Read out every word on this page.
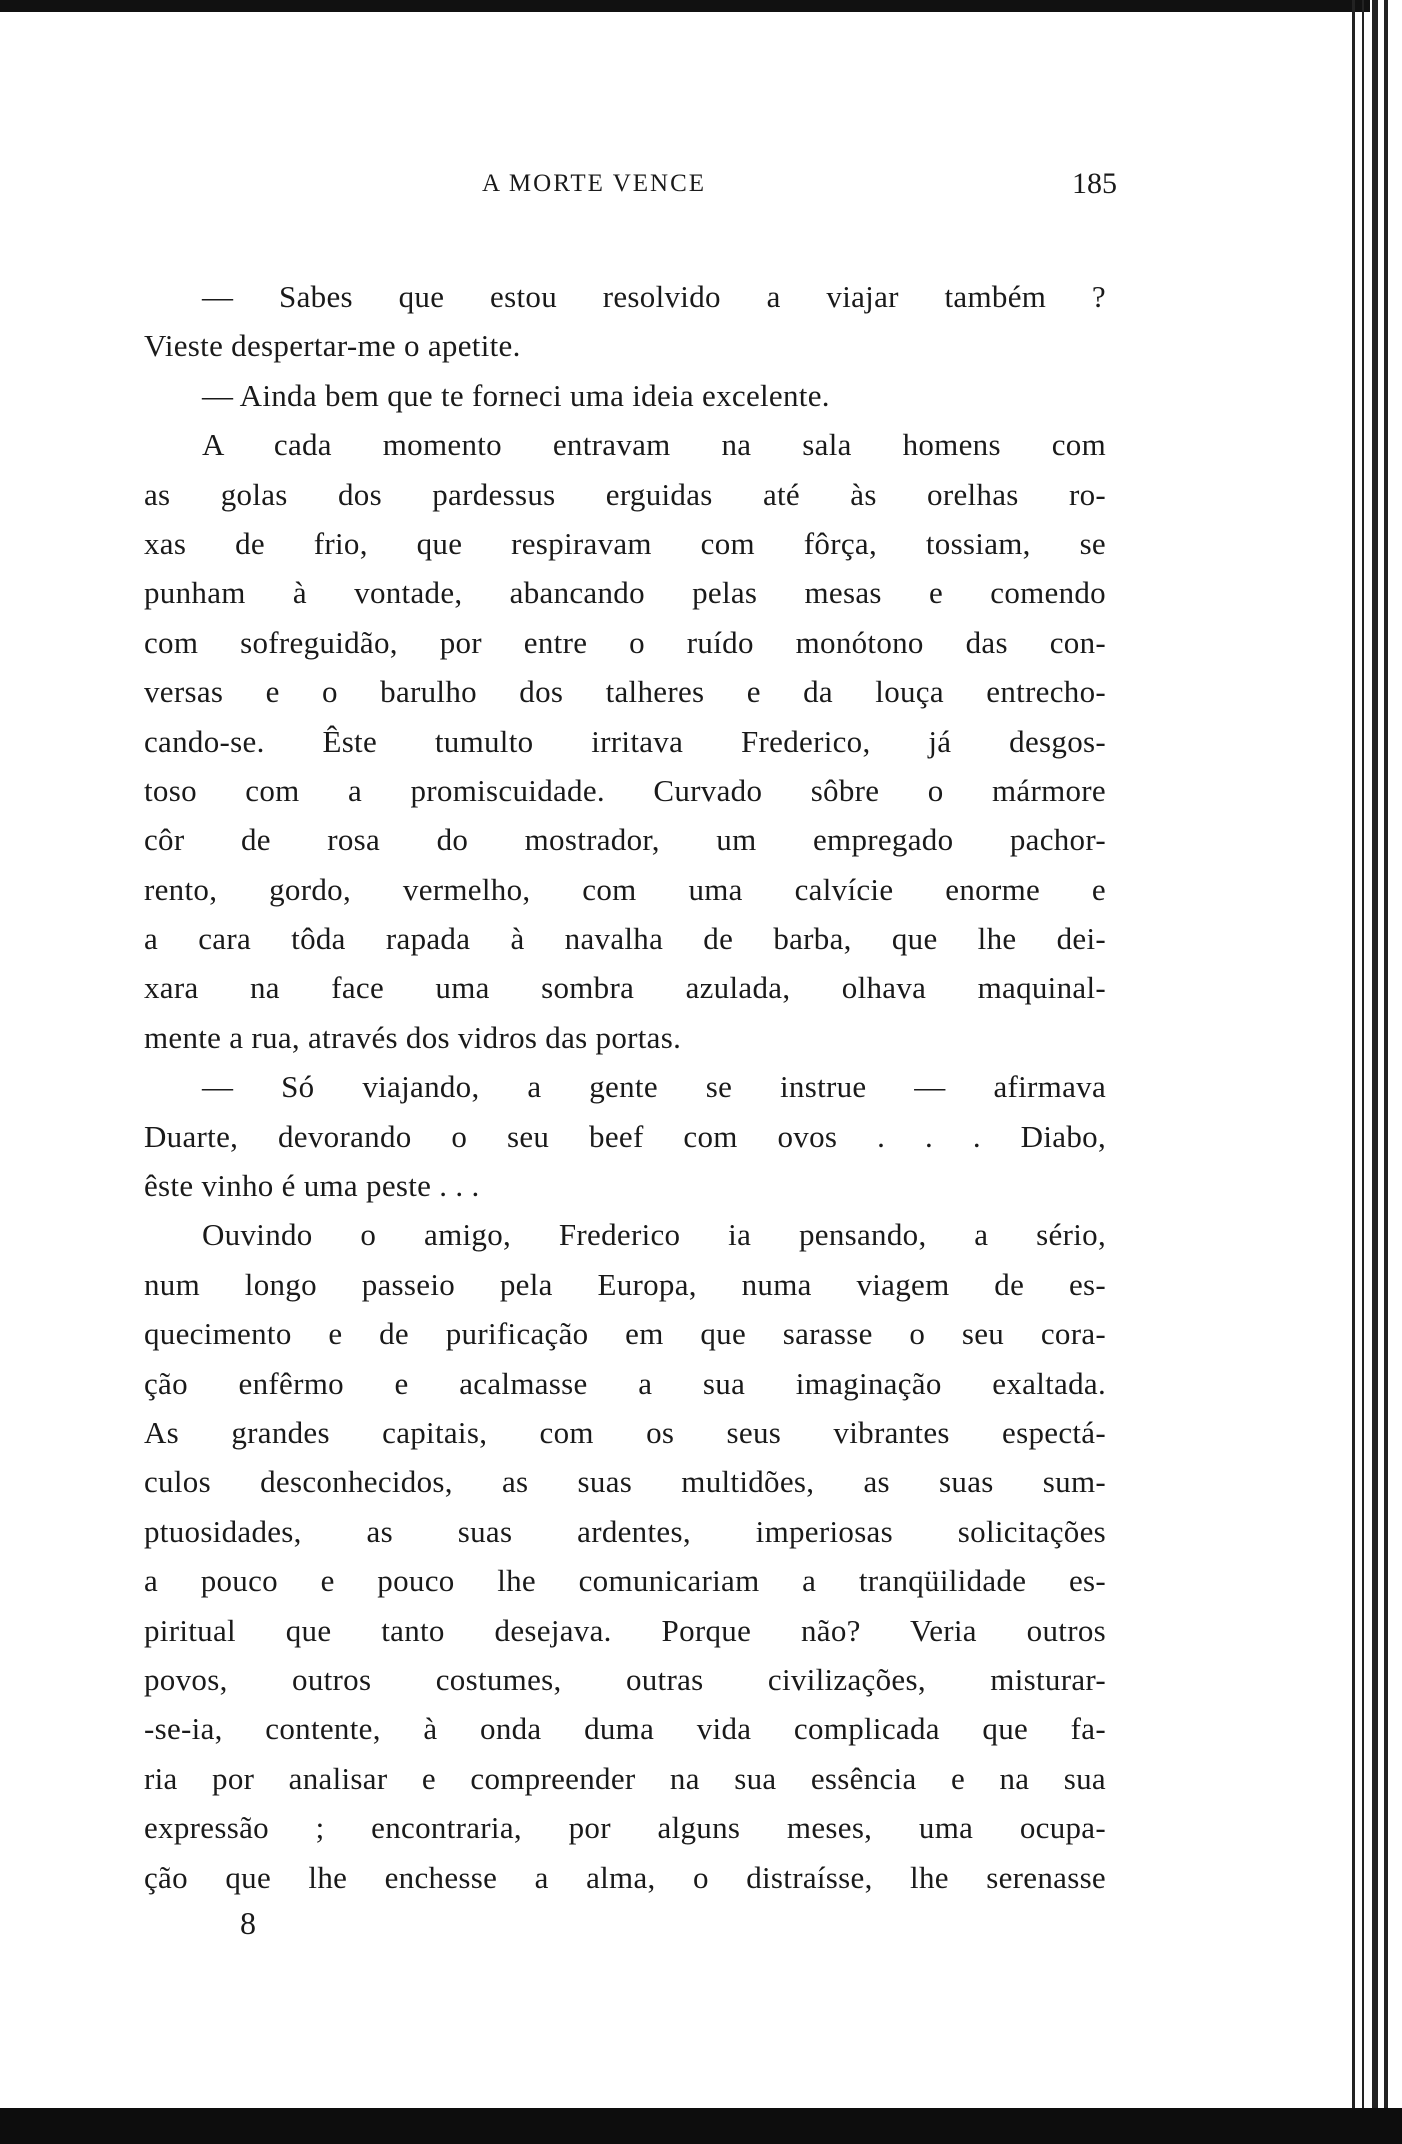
A MORTE VENCE	185
— Sabes que estou resolvido a viajar também ?
Vieste despertar-me o apetite.
— Ainda bem que te forneci uma ideia excelente.
A cada momento entravam na sala homens com
as golas dos pardessus erguidas até às orelhas ro-
xas de frio, que respiravam com fôrça, tossiam, se
punham à vontade, abancando pelas mesas e comendo
com sofreguidão, por entre o ruído monótono das con-
versas e o barulho dos talheres e da louça entrecho-
cando-se. Êste tumulto irritava Frederico, já desgos-
toso com a promiscuidade. Curvado sôbre o mármore
côr de rosa do mostrador, um empregado pachor-
rento, gordo, vermelho, com uma calvície enorme e
a cara tôda rapada à navalha de barba, que lhe dei-
xara na face uma sombra azulada, olhava maquinal-
mente a rua, através dos vidros das portas.
— Só viajando, a gente se instrue — afirmava
Duarte, devorando o seu beef com ovos . . . Diabo,
êste vinho é uma peste . . .
Ouvindo o amigo, Frederico ia pensando, a sério,
num longo passeio pela Europa, numa viagem de es-
quecimento e de purificação em que sarasse o seu cora-
ção enfêrmo e acalmasse a sua imaginação exaltada.
As grandes capitais, com os seus vibrantes espectá-
culos desconhecidos, as suas multidões, as suas sum-
ptuosidades, as suas ardentes, imperiosas solicitações
a pouco e pouco lhe comunicariam a tranqüilidade es-
piritual que tanto desejava. Porque não? Veria outros
povos, outros costumes, outras civilizações, misturar-
-se-ia, contente, à onda duma vida complicada que fa-
ria por analisar e compreender na sua essência e na sua
expressão ; encontraria, por alguns meses, uma ocupa-
ção que lhe enchesse a alma, o distraísse, lhe serenasse
8
